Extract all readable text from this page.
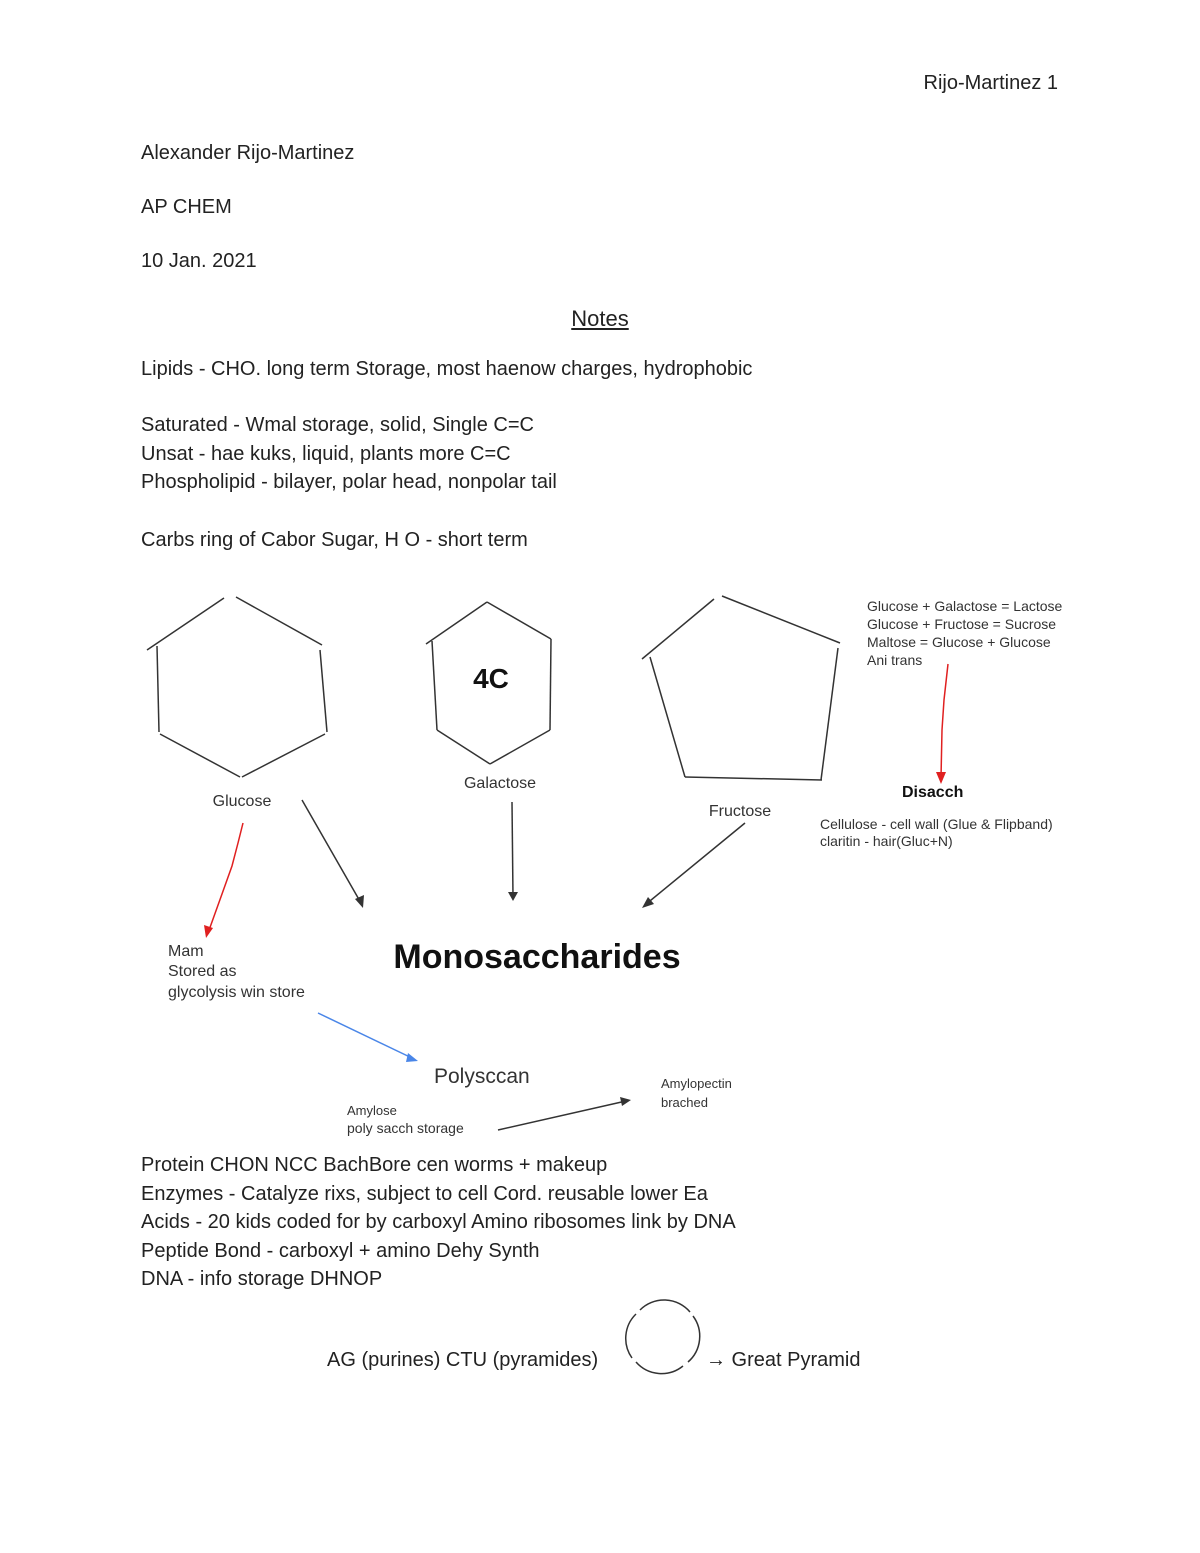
Rijo-Martinez 1
Alexander Rijo-Martinez
AP CHEM
10 Jan. 2021
Notes
Lipids - CHO. long term Storage, most haenow charges, hydrophobic
Saturated - Wmal storage, solid, Single C=C
Unsat - hae kuks, liquid, plants more C=C
Phospholipid - bilayer, polar head, nonpolar tail
Carbs ring of Cabor Sugar, H O - short term
4C
Glucose
Galactose
Fructose
Glucose + Galactose = Lactose
Glucose + Fructose = Sucrose
Maltose = Glucose + Glucose
Ani trans
Disacch
Cellulose - cell wall (Glue & Flipband)
claritin - hair(Gluc+N)
Monosaccharides
Mam
Stored as
glycolysis win store
Polysccan
Amylose
poly sacch storage
Amylopectin
brached
Protein CHON NCC BachBore cen worms + makeup
Enzymes - Catalyze rixs, subject to cell Cord. reusable lower Ea
Acids - 20 kids coded for by carboxyl Amino ribosomes link by DNA
Peptide Bond - carboxyl + amino Dehy Synth
DNA - info storage DHNOP
AG (purines) CTU (pyramides)	→ Great Pyramid
